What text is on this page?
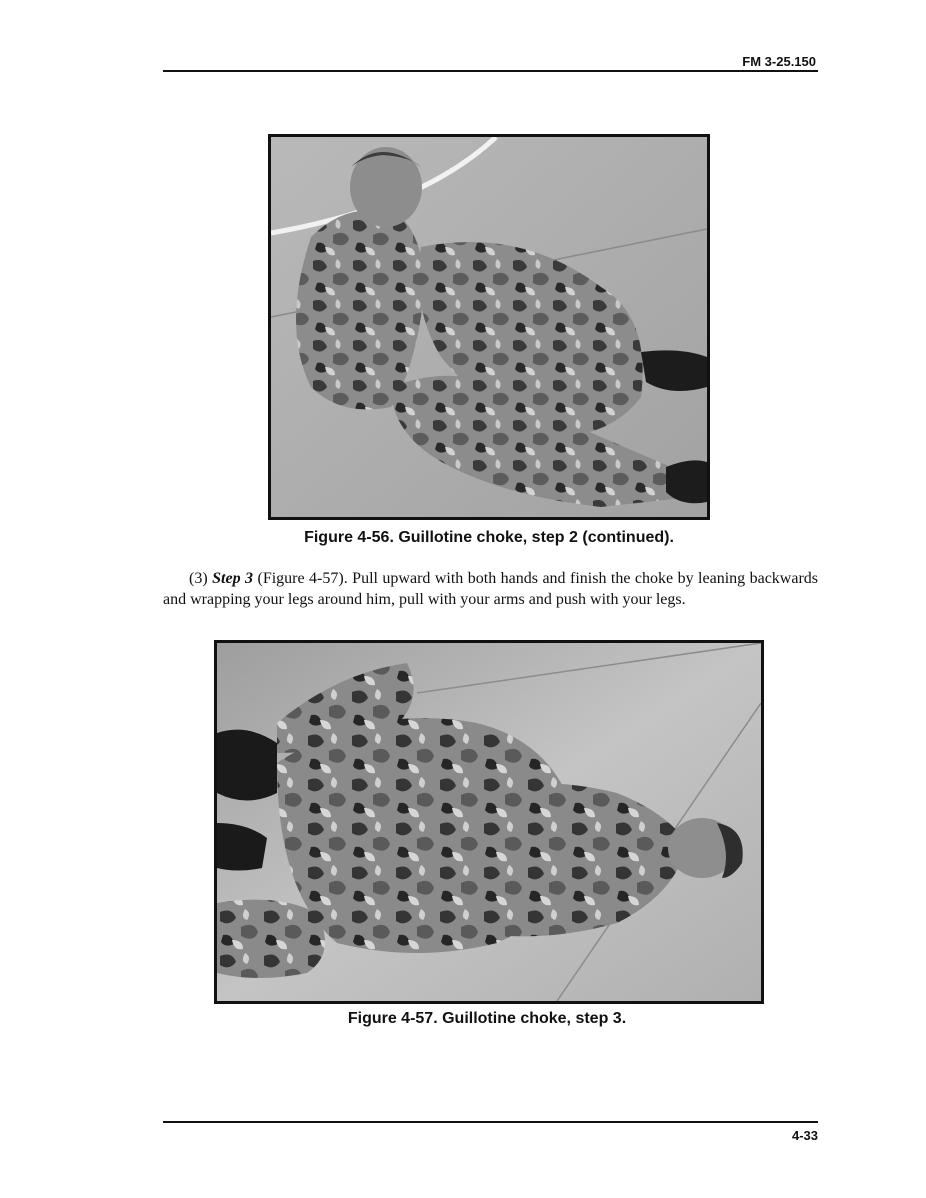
FM 3-25.150
Figure 4-56. Guillotine choke, step 2 (continued).
(3) Step 3 (Figure 4-57). Pull upward with both hands and finish the choke by leaning backwards and wrapping your legs around him, pull with your arms and push with your legs.
Figure 4-57. Guillotine choke, step 3.
4-33
